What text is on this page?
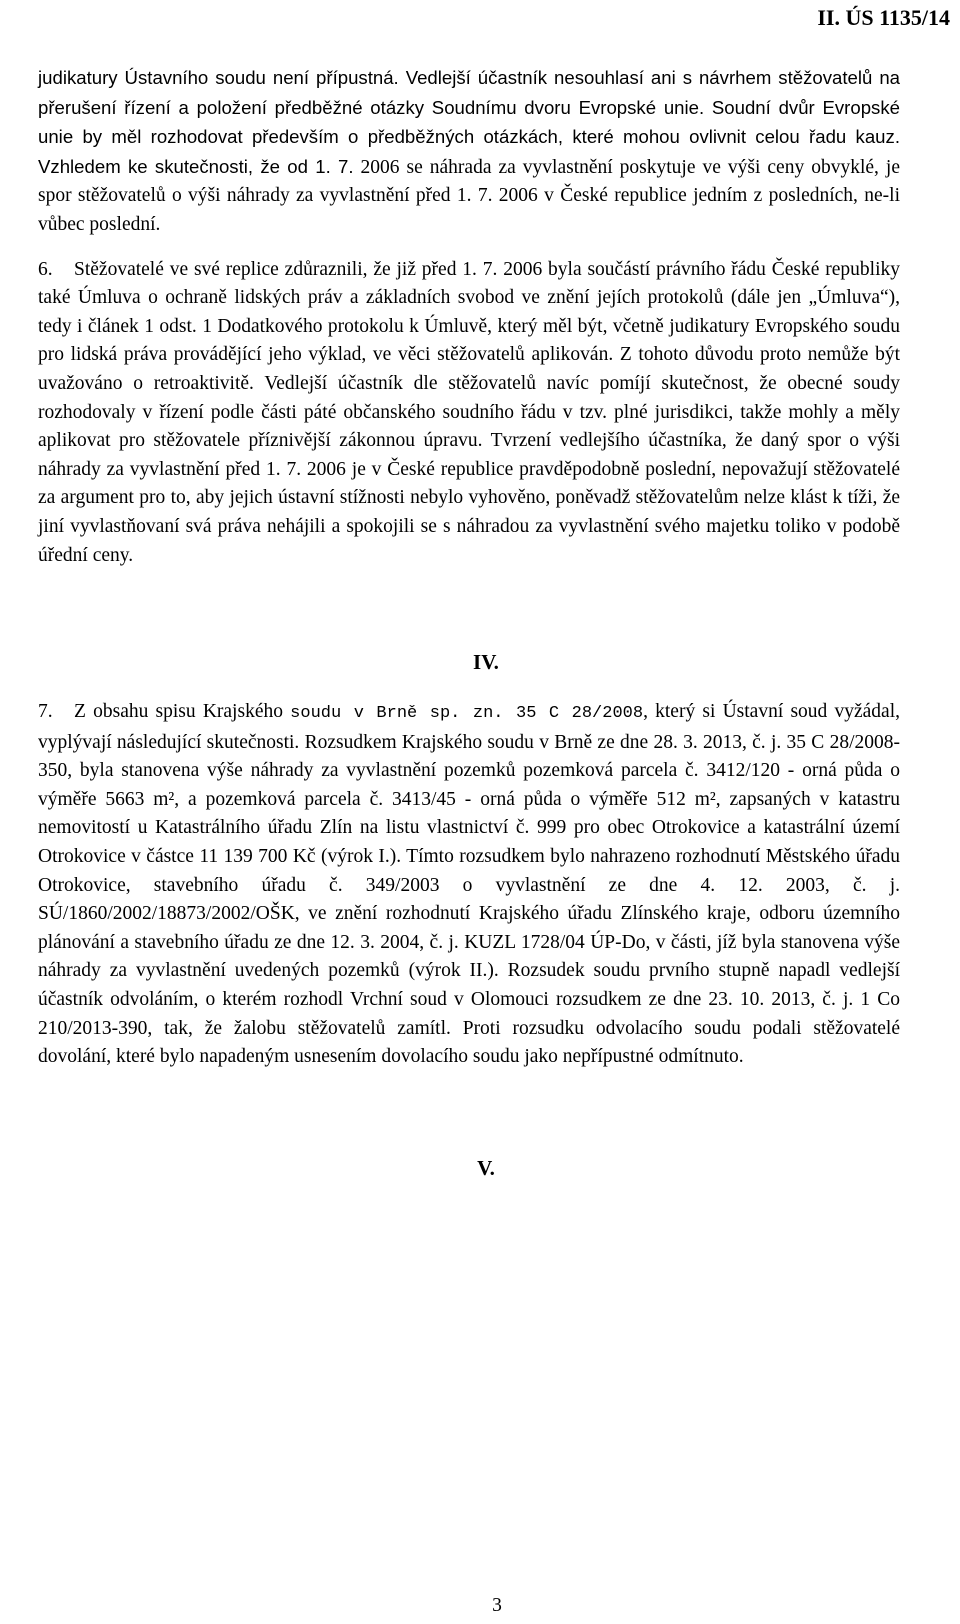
II. ÚS 1135/14

judikatury Ústavního soudu není přípustná. Vedlejší účastník nesouhlasí ani s návrhem stěžovatelů na přerušení řízení a položení předběžné otázky Soudnímu dvoru Evropské unie. Soudní dvůr Evropské unie by měl rozhodovat především o předběžných otázkách, které mohou ovlivnit celou řadu kauz. Vzhledem ke skutečnosti, že od 1. 7. 2006 se náhrada za vyvlastnění poskytuje ve výši ceny obvyklé, je spor stěžovatelů o výši náhrady za vyvlastnění před 1. 7. 2006 v České republice jedním z posledních, ne-li vůbec poslední.

6. Stěžovatelé ve své replice zdůraznili, že již před 1. 7. 2006 byla součástí právního řádu České republiky také Úmluva o ochraně lidských práv a základních svobod ve znění jejích protokolů (dále jen „Úmluva“), tedy i článek 1 odst. 1 Dodatkového protokolu k Úmluvě, který měl být, včetně judikatury Evropského soudu pro lidská práva provádějící jeho výklad, ve věci stěžovatelů aplikován. Z tohoto důvodu proto nemůže být uvažováno o retroaktivitě. Vedlejší účastník dle stěžovatelů navíc pomíjí skutečnost, že obecné soudy rozhodovaly v řízení podle části páté občanského soudního řádu v tzv. plné jurisdikci, takže mohly a měly aplikovat pro stěžovatele příznivější zákonnou úpravu. Tvrzení vedlejšího účastníka, že daný spor o výši náhrady za vyvlastnění před 1. 7. 2006 je v České republice pravděpodobně poslední, nepovažují stěžovatelé za argument pro to, aby jejich ústavní stížnosti nebylo vyhověno, poněvadž stěžovatelům nelze klást k tíži, že jiní vyvlastňovaní svá práva nehájili a spokojili se s náhradou za vyvlastnění svého majetku toliko v podobě úřední ceny.

IV.

7. Z obsahu spisu Krajského soudu v Brně sp. zn. 35 C 28/2008, který si Ústavní soud vyžádal, vyplývají následující skutečnosti. Rozsudkem Krajského soudu v Brně ze dne 28. 3. 2013, č. j. 35 C 28/2008-350, byla stanovena výše náhrady za vyvlastnění pozemků pozemková parcela č. 3412/120 - orná půda o výměře 5663 m², a pozemková parcela č. 3413/45 - orná půda o výměře 512 m², zapsaných v katastru nemovitostí u Katastrálního úřadu Zlín na listu vlastnictví č. 999 pro obec Otrokovice a katastrální území Otrokovice v částce 11 139 700 Kč (výrok I.). Tímto rozsudkem bylo nahrazeno rozhodnutí Městského úřadu Otrokovice, stavebního úřadu č. 349/2003 o vyvlastnění ze dne 4. 12. 2003, č. j. SÚ/1860/2002/18873/2002/OŠK, ve znění rozhodnutí Krajského úřadu Zlínského kraje, odboru územního plánování a stavebního úřadu ze dne 12. 3. 2004, č. j. KUZL 1728/04 ÚP-Do, v části, jíž byla stanovena výše náhrady za vyvlastnění uvedených pozemků (výrok II.). Rozsudek soudu prvního stupně napadl vedlejší účastník odvoláním, o kterém rozhodl Vrchní soud v Olomouci rozsudkem ze dne 23. 10. 2013, č. j. 1 Co 210/2013-390, tak, že žalobu stěžovatelů zamítl. Proti rozsudku odvolacího soudu podali stěžovatelé dovolání, které bylo napadeným usnesením dovolacího soudu jako nepřípustné odmítnuto.

V.
3
